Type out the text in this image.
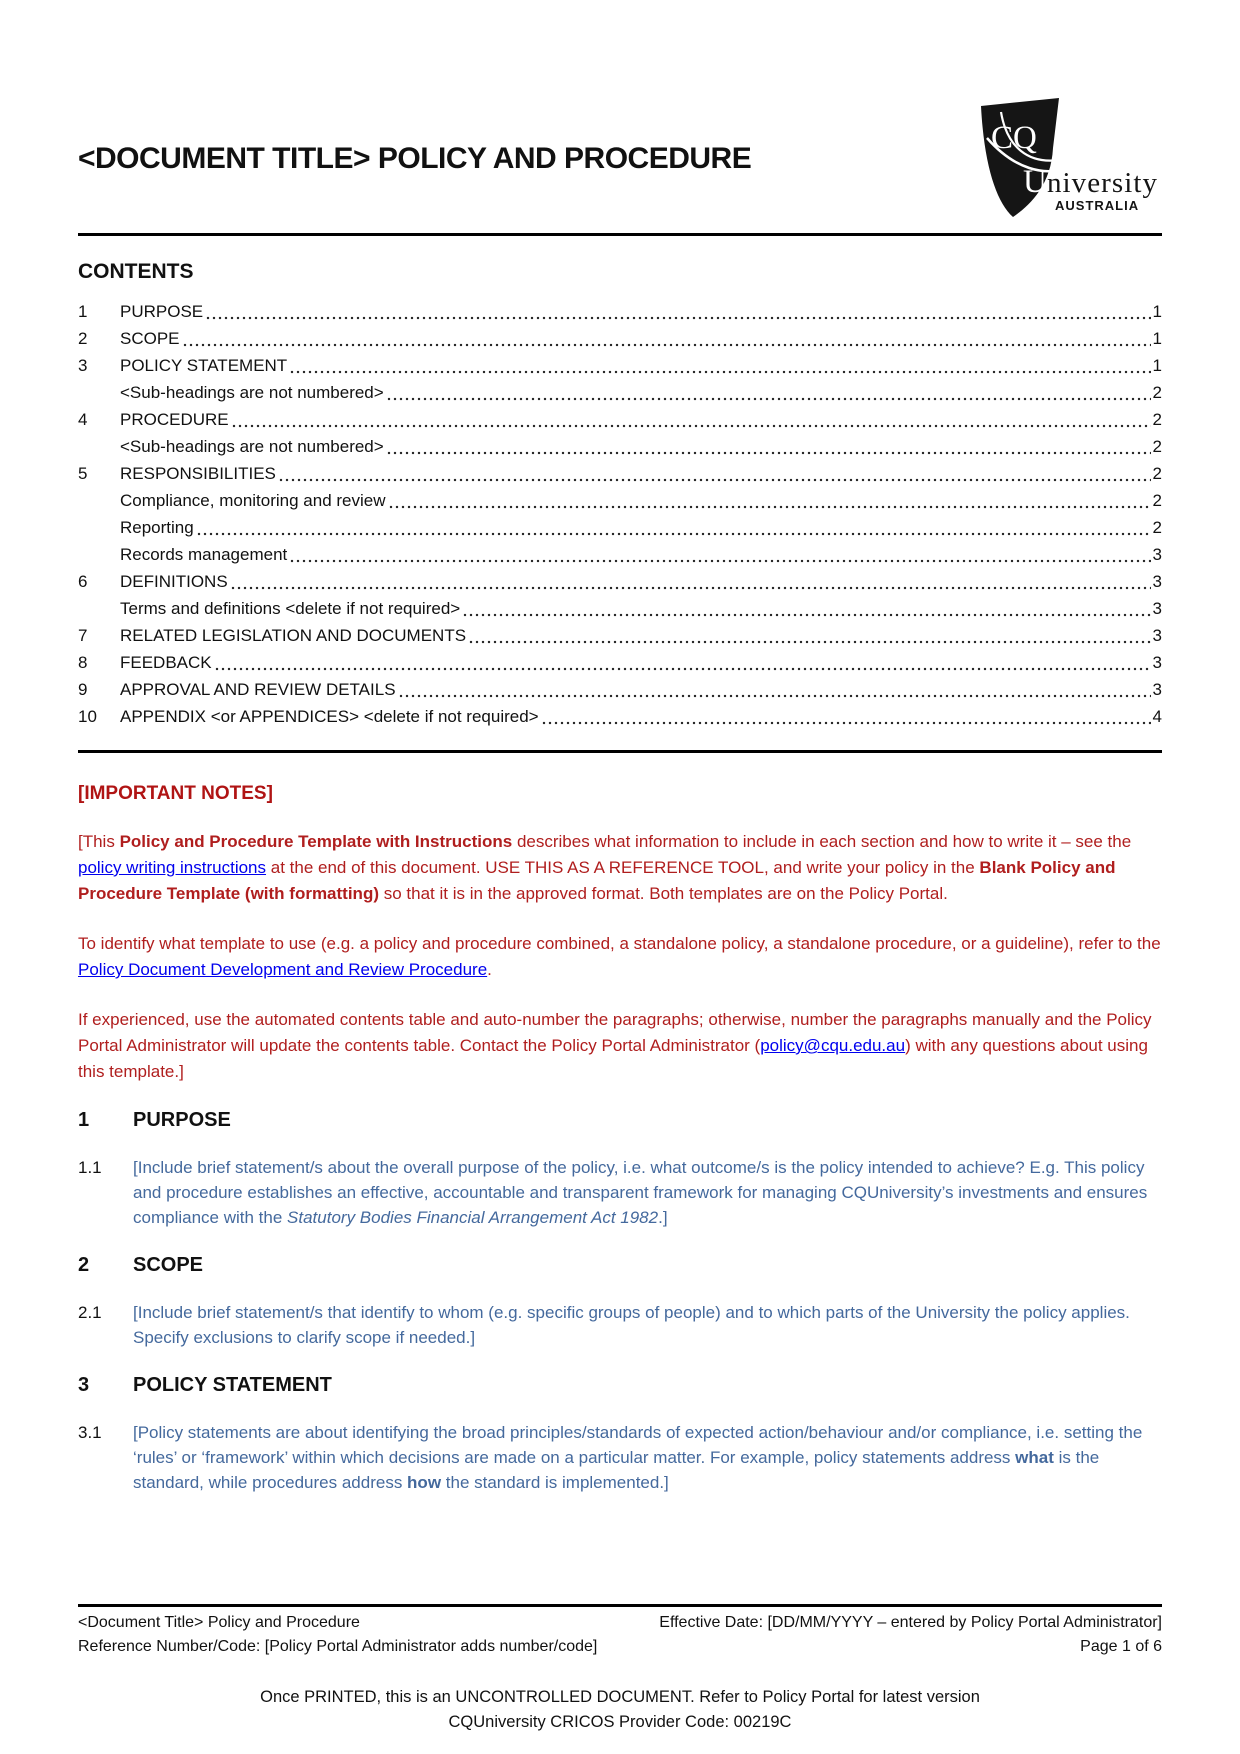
<DOCUMENT TITLE> POLICY AND PROCEDURE
CQ
U niversity
AUSTRALIA
CONTENTS
1	PURPOSE	1
2	SCOPE	1
3	POLICY STATEMENT	1
<Sub-headings are not numbered>	2
4	PROCEDURE	2
<Sub-headings are not numbered>	2
5	RESPONSIBILITIES	2
Compliance, monitoring and review	2
Reporting	2
Records management	3
6	DEFINITIONS	3
Terms and definitions <delete if not required>	3
7	RELATED LEGISLATION AND DOCUMENTS	3
8	FEEDBACK	3
9	APPROVAL AND REVIEW DETAILS	3
10	APPENDIX <or APPENDICES> <delete if not required>	4
[IMPORTANT NOTES]
[This Policy and Procedure Template with Instructions describes what information to include in each section and how to write it – see the policy writing instructions at the end of this document. USE THIS AS A REFERENCE TOOL, and write your policy in the Blank Policy and Procedure Template (with formatting) so that it is in the approved format. Both templates are on the Policy Portal.
To identify what template to use (e.g. a policy and procedure combined, a standalone policy, a standalone procedure, or a guideline), refer to the Policy Document Development and Review Procedure.
If experienced, use the automated contents table and auto-number the paragraphs; otherwise, number the paragraphs manually and the Policy Portal Administrator will update the contents table. Contact the Policy Portal Administrator (policy@cqu.edu.au) with any questions about using this template.]
1	PURPOSE
1.1	[Include brief statement/s about the overall purpose of the policy, i.e. what outcome/s is the policy intended to achieve? E.g. This policy and procedure establishes an effective, accountable and transparent framework for managing CQUniversity’s investments and ensures compliance with the Statutory Bodies Financial Arrangement Act 1982.]
2	SCOPE
2.1	[Include brief statement/s that identify to whom (e.g. specific groups of people) and to which parts of the University the policy applies. Specify exclusions to clarify scope if needed.]
3	POLICY STATEMENT
3.1	[Policy statements are about identifying the broad principles/standards of expected action/behaviour and/or compliance, i.e. setting the ‘rules’ or ‘framework’ within which decisions are made on a particular matter. For example, policy statements address what is the standard, while procedures address how the standard is implemented.]
<Document Title> Policy and Procedure	Effective Date: [DD/MM/YYYY – entered by Policy Portal Administrator]
Reference Number/Code: [Policy Portal Administrator adds number/code]	Page 1 of 6
Once PRINTED, this is an UNCONTROLLED DOCUMENT. Refer to Policy Portal for latest version
CQUniversity CRICOS Provider Code: 00219C
